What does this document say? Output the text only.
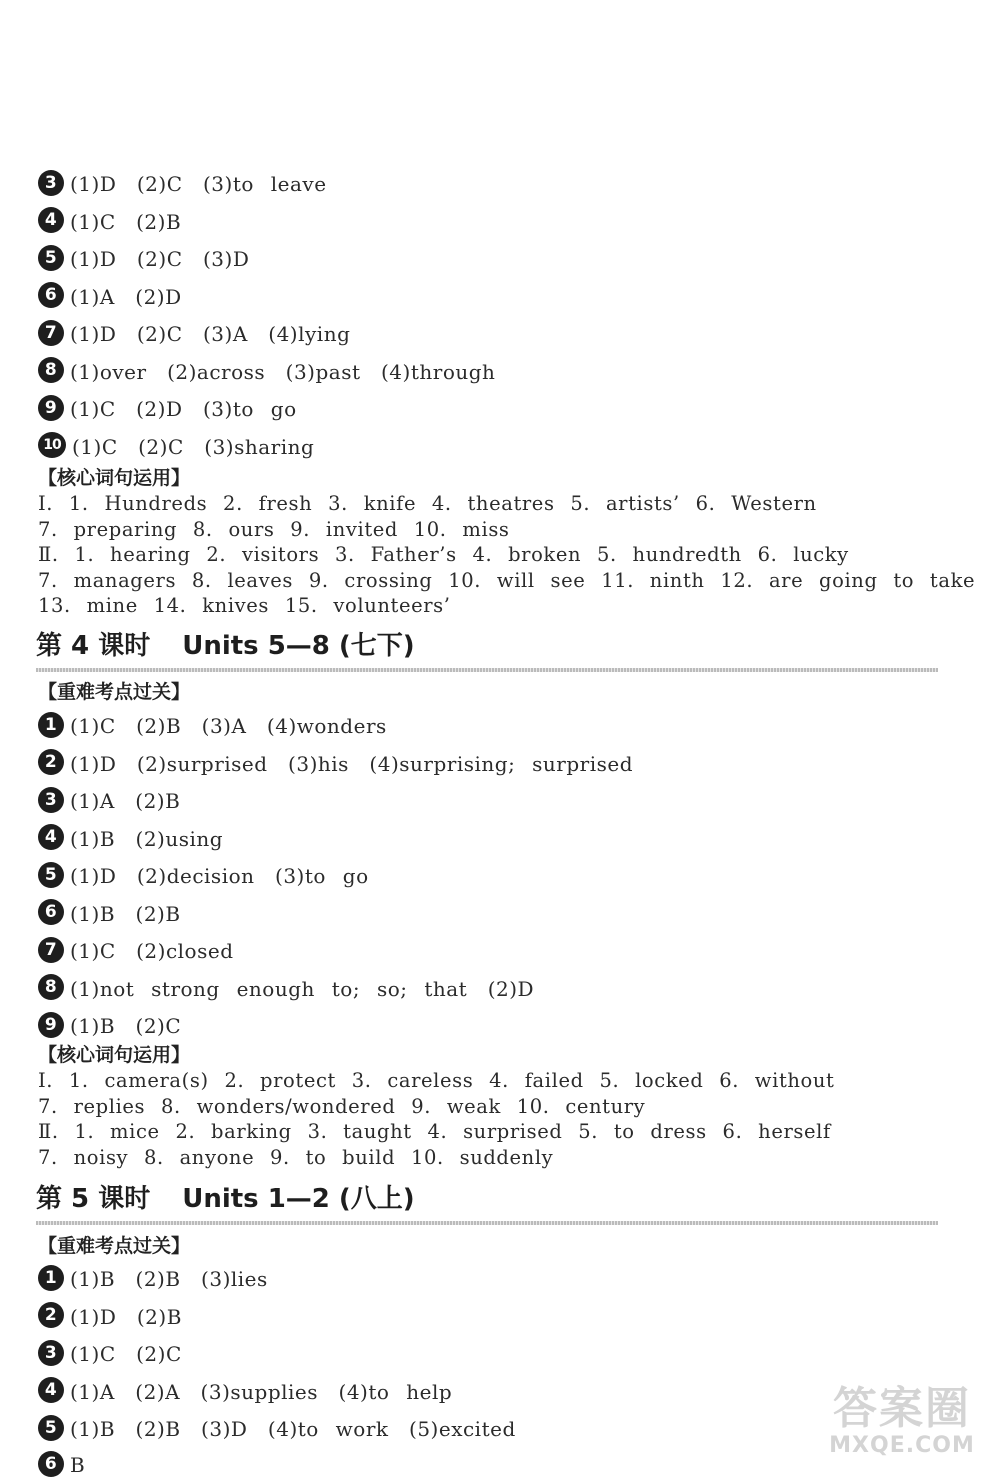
3 (1)D　(2)C　(3)to leave
4 (1)C　(2)B
5 (1)D　(2)C　(3)D
6 (1)A　(2)D
7 (1)D　(2)C　(3)A　(4)lying
8 (1)over　(2)across　(3)past　(4)through
9 (1)C　(2)D　(3)to go
10 (1)C　(2)C　(3)sharing
【核心词句运用】
Ⅰ. 1. Hundreds 2. fresh 3. knife 4. theatres 5. artists’ 6. Western
7. preparing 8. ours 9. invited 10. miss
Ⅱ. 1. hearing 2. visitors 3. Father’s 4. broken 5. hundredth 6. lucky
7. managers 8. leaves 9. crossing 10. will see 11. ninth 12. are going to take
13. mine 14. knives 15. volunteers’
第 4 课时 Units 5—8 (七下)
【重难考点过关】
1 (1)C　(2)B　(3)A　(4)wonders
2 (1)D　(2)surprised　(3)his　(4)surprising; surprised
3 (1)A　(2)B
4 (1)B　(2)using
5 (1)D　(2)decision　(3)to go
6 (1)B　(2)B
7 (1)C　(2)closed
8 (1)not strong enough to; so; that　(2)D
9 (1)B　(2)C
【核心词句运用】
Ⅰ. 1. camera(s) 2. protect 3. careless 4. failed 5. locked 6. without
7. replies 8. wonders/wondered 9. weak 10. century
Ⅱ. 1. mice 2. barking 3. taught 4. surprised 5. to dress 6. herself
7. noisy 8. anyone 9. to build 10. suddenly
第 5 课时 Units 1—2 (八上)
【重难考点过关】
1 (1)B　(2)B　(3)lies
2 (1)D　(2)B
3 (1)C　(2)C
4 (1)A　(2)A　(3)supplies　(4)to help
5 (1)B　(2)B　(3)D　(4)to work　(5)excited
6 B
答案圈
MXQE.COM
